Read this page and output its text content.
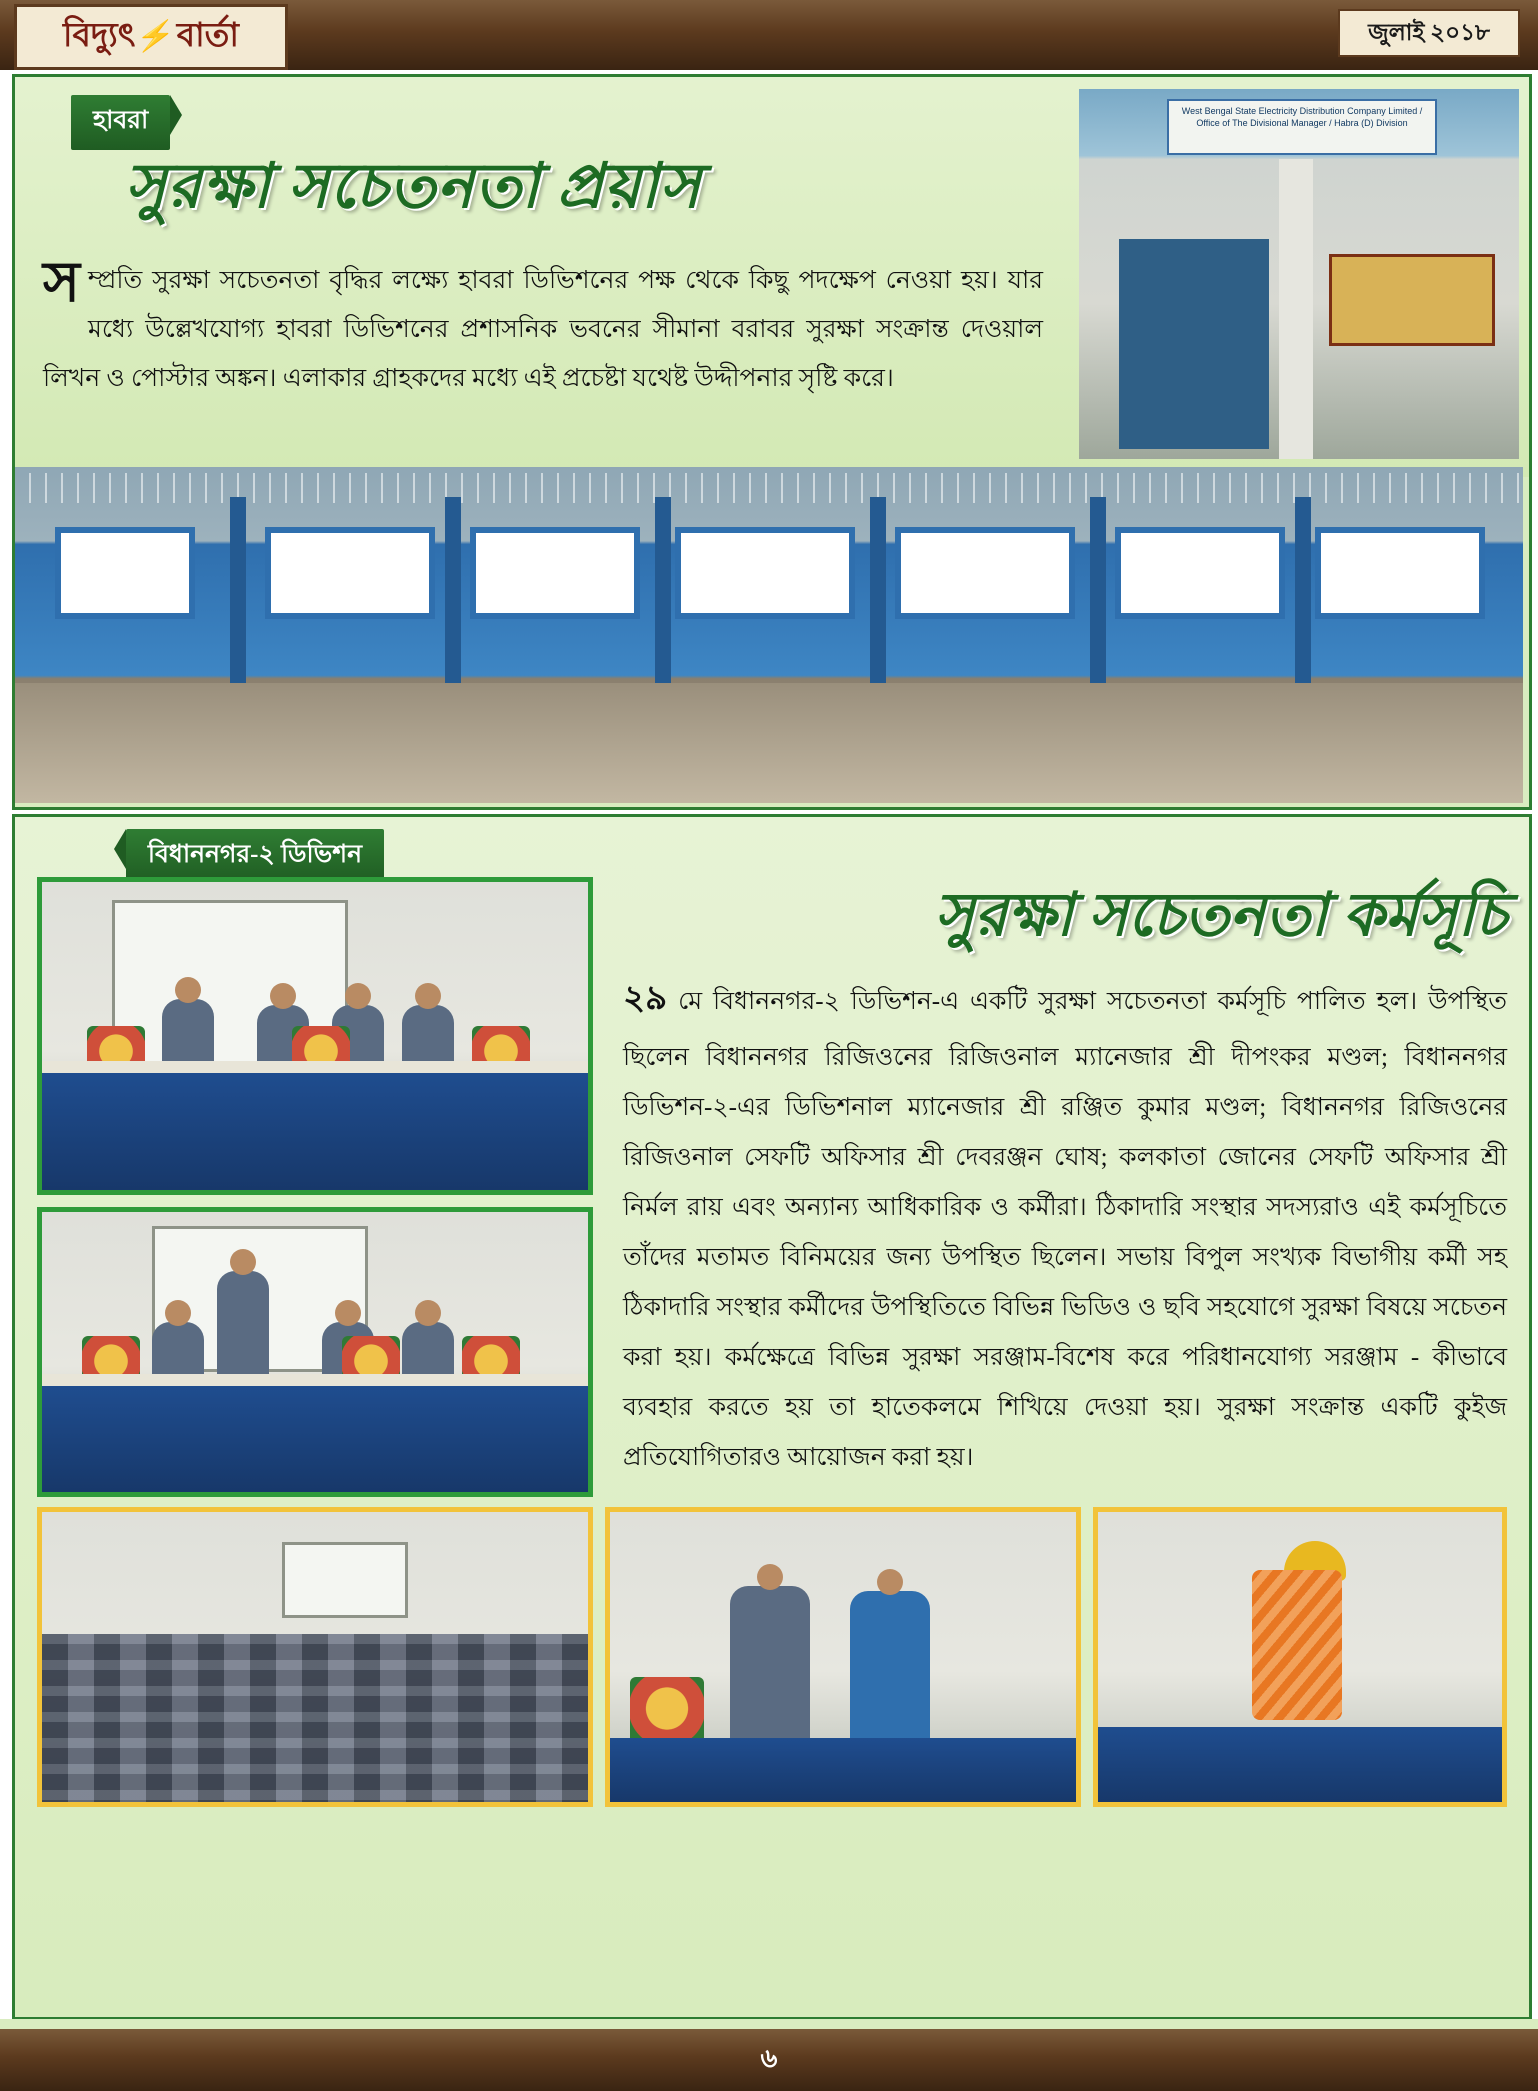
বিদ্যুৎ⚡বার্তা	জুলাই ২০১৮
হাবরা
সুরক্ষা সচেতনতা প্রয়াস
সম্প্রতি সুরক্ষা সচেতনতা বৃদ্ধির লক্ষ্যে হাবরা ডিভিশনের পক্ষ থেকে কিছু পদক্ষেপ নেওয়া হয়। যার মধ্যে উল্লেখযোগ্য হাবরা ডিভিশনের প্রশাসনিক ভবনের সীমানা বরাবর সুরক্ষা সংক্রান্ত দেওয়াল লিখন ও পোস্টার অঙ্কন। এলাকার গ্রাহকদের মধ্যে এই প্রচেষ্টা যথেষ্ট উদ্দীপনার সৃষ্টি করে।
West Bengal State Electricity Distribution Company Limited / Office of The Divisional Manager / Habra (D) Division
বিধাননগর-২ ডিভিশন
সুরক্ষা সচেতনতা কর্মসূচি
২৯ মে বিধাননগর-২ ডিভিশন-এ একটি সুরক্ষা সচেতনতা কর্মসূচি পালিত হল। উপস্থিত ছিলেন বিধাননগর রিজিওনের রিজিওনাল ম্যানেজার শ্রী দীপংকর মণ্ডল; বিধাননগর ডিভিশন-২-এর ডিভিশনাল ম্যানেজার শ্রী রঞ্জিত কুমার মণ্ডল; বিধাননগর রিজিওনের রিজিওনাল সেফটি অফিসার শ্রী দেবরঞ্জন ঘোষ; কলকাতা জোনের সেফটি অফিসার শ্রী নির্মল রায় এবং অন্যান্য আধিকারিক ও কর্মীরা। ঠিকাদারি সংস্থার সদস্যরাও এই কর্মসূচিতে তাঁদের মতামত বিনিময়ের জন্য উপস্থিত ছিলেন। সভায় বিপুল সংখ্যক বিভাগীয় কর্মী সহ ঠিকাদারি সংস্থার কর্মীদের উপস্থিতিতে বিভিন্ন ভিডিও ও ছবি সহযোগে সুরক্ষা বিষয়ে সচেতন করা হয়। কর্মক্ষেত্রে বিভিন্ন সুরক্ষা সরঞ্জাম-বিশেষ করে পরিধানযোগ্য সরঞ্জাম - কীভাবে ব্যবহার করতে হয় তা হাতেকলমে শিখিয়ে দেওয়া হয়। সুরক্ষা সংক্রান্ত একটি কুইজ প্রতিযোগিতারও আয়োজন করা হয়।
৬
